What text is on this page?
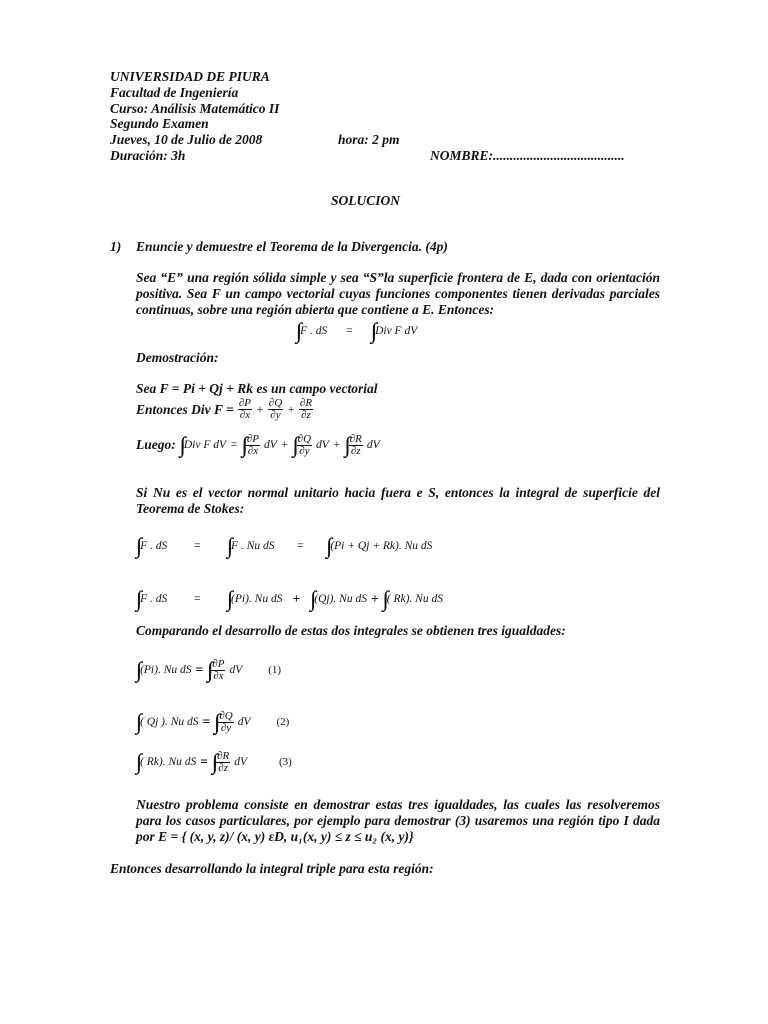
UNIVERSIDAD DE PIURA
Facultad de Ingeniería
Curso: Análisis Matemático II
Segundo Examen
Jueves, 10 de Julio de 2008	hora: 2 pm
Duración: 3h	NOMBRE:.......................................
SOLUCION
1) Enuncie y demuestre el Teorema de la Divergencia. (4p)
Sea “E” una región sólida simple y sea “S”la superficie frontera de E, dada con orientación positiva. Sea F un campo vectorial cuyas funciones componentes tienen derivadas parciales continuas, sobre una región abierta que contiene a E. Entonces:
∫∫ F . dS = ∫∫∫ Div F dV
Demostración:
Sea F = Pi + Qj + Rk es un campo vectorial
Entonces Div $F = \frac{\partial P}{\partial x} + \frac{\partial Q}{\partial y} + \frac{\partial R}{\partial z}$
Luego: ∫∫∫ Div F dV = ∫∫∫ $\frac{\partial P}{\partial x}$ dV + ∫∫∫ $\frac{\partial Q}{\partial y}$ dV + ∫∫∫ $\frac{\partial R}{\partial z}$ dV
Si Nu es el vector normal unitario hacia fuera e S, entonces la integral de superficie del Teorema de Stokes:
∫∫ F . dS = ∫∫ F . Nu dS = ∫∫ (Pi + Qj + Rk). Nu dS
∫∫ F . dS = ∫∫ (Pi). Nu dS + ∫∫ (Qj). Nu dS + ∫∫ ( Rk). Nu dS
Comparando el desarrollo de estas dos integrales se obtienen tres igualdades:
∫∫ (Pi). Nu dS = ∫∫∫ $\frac{\partial P}{\partial x}$ dV (1)
∫∫ ( Qj ). Nu dS = ∫∫∫ $\frac{\partial Q}{\partial y}$ dV (2)
∫∫ ( Rk). Nu dS = ∫∫∫ $\frac{\partial R}{\partial z}$ dV	(3)
Nuestro problema consiste en demostrar estas tres igualdades, las cuales las resolveremos para los casos particulares, por ejemplo para demostrar (3) usaremos una región tipo I dada por E = { (x, y, z)/ (x, y) εD, u₁(x, y) ≤ z ≤ u₂ (x, y)}
Entonces desarrollando la integral triple para esta región:
